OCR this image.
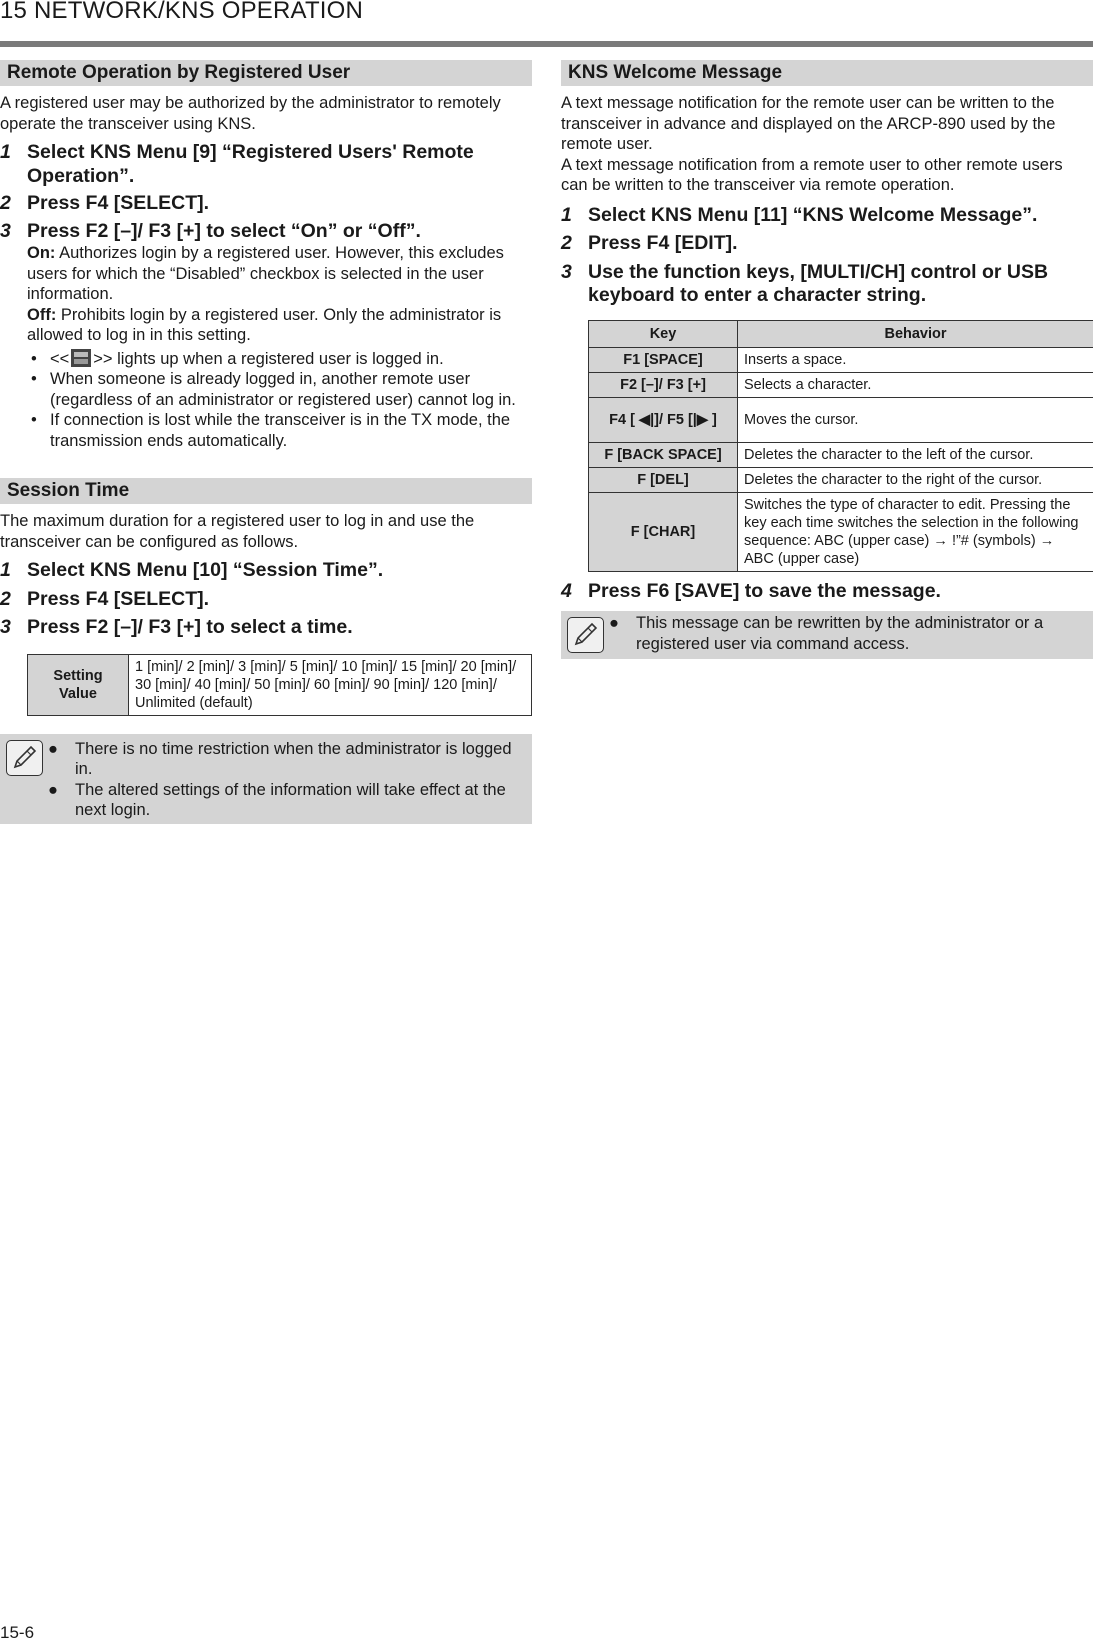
15 NETWORK/KNS OPERATION
Remote Operation by Registered User

A registered user may be authorized by the administrator to remotely operate the transceiver using KNS.

1 Select KNS Menu [9] “Registered Users' Remote Operation”.
2 Press F4 [SELECT].
3 Press F2 [–]/ F3 [+] to select “On” or “Off”.
On: Authorizes login by a registered user. However, this excludes users for which the “Disabled” checkbox is selected in the user information.
Off: Prohibits login by a registered user. Only the administrator is allowed to log in in this setting.
• << >> lights up when a registered user is logged in.
• When someone is already logged in, another remote user (regardless of an administrator or registered user) cannot log in.
• If connection is lost while the transceiver is in the TX mode, the transmission ends automatically.
Session Time

The maximum duration for a registered user to log in and use the transceiver can be configured as follows.

1 Select KNS Menu [10] “Session Time”.
2 Press F4 [SELECT].
3 Press F2 [–]/ F3 [+] to select a time.
Setting Value	1 [min]/ 2 [min]/ 3 [min]/ 5 [min]/ 10 [min]/ 15 [min]/ 20 [min]/ 30 [min]/ 40 [min]/ 50 [min]/ 60 [min]/ 90 [min]/ 120 [min]/ Unlimited (default)
● There is no time restriction when the administrator is logged in.
● The altered settings of the information will take effect at the next login.
KNS Welcome Message

A text message notification for the remote user can be written to the transceiver in advance and displayed on the ARCP-890 used by the remote user.

A text message notification from a remote user to other remote users can be written to the transceiver via remote operation.

1 Select KNS Menu [11] “KNS Welcome Message”.
2 Press F4 [EDIT].
3 Use the function keys, [MULTI/CH] control or USB keyboard to enter a character string.
Key	Behavior
F1 [SPACE]	Inserts a space.
F2 [–]/ F3 [+]	Selects a character.
F4 [ ◀|]/ F5 [|▶ ]	Moves the cursor.
F [BACK SPACE]	Deletes the character to the left of the cursor.
F [DEL]	Deletes the character to the right of the cursor.
F [CHAR]	Switches the type of character to edit. Pressing the key each time switches the selection in the following sequence: ABC (upper case) → !”# (symbols) → ABC (upper case)
4 Press F6 [SAVE] to save the message.
● This message can be rewritten by the administrator or a registered user via command access.
15-6
